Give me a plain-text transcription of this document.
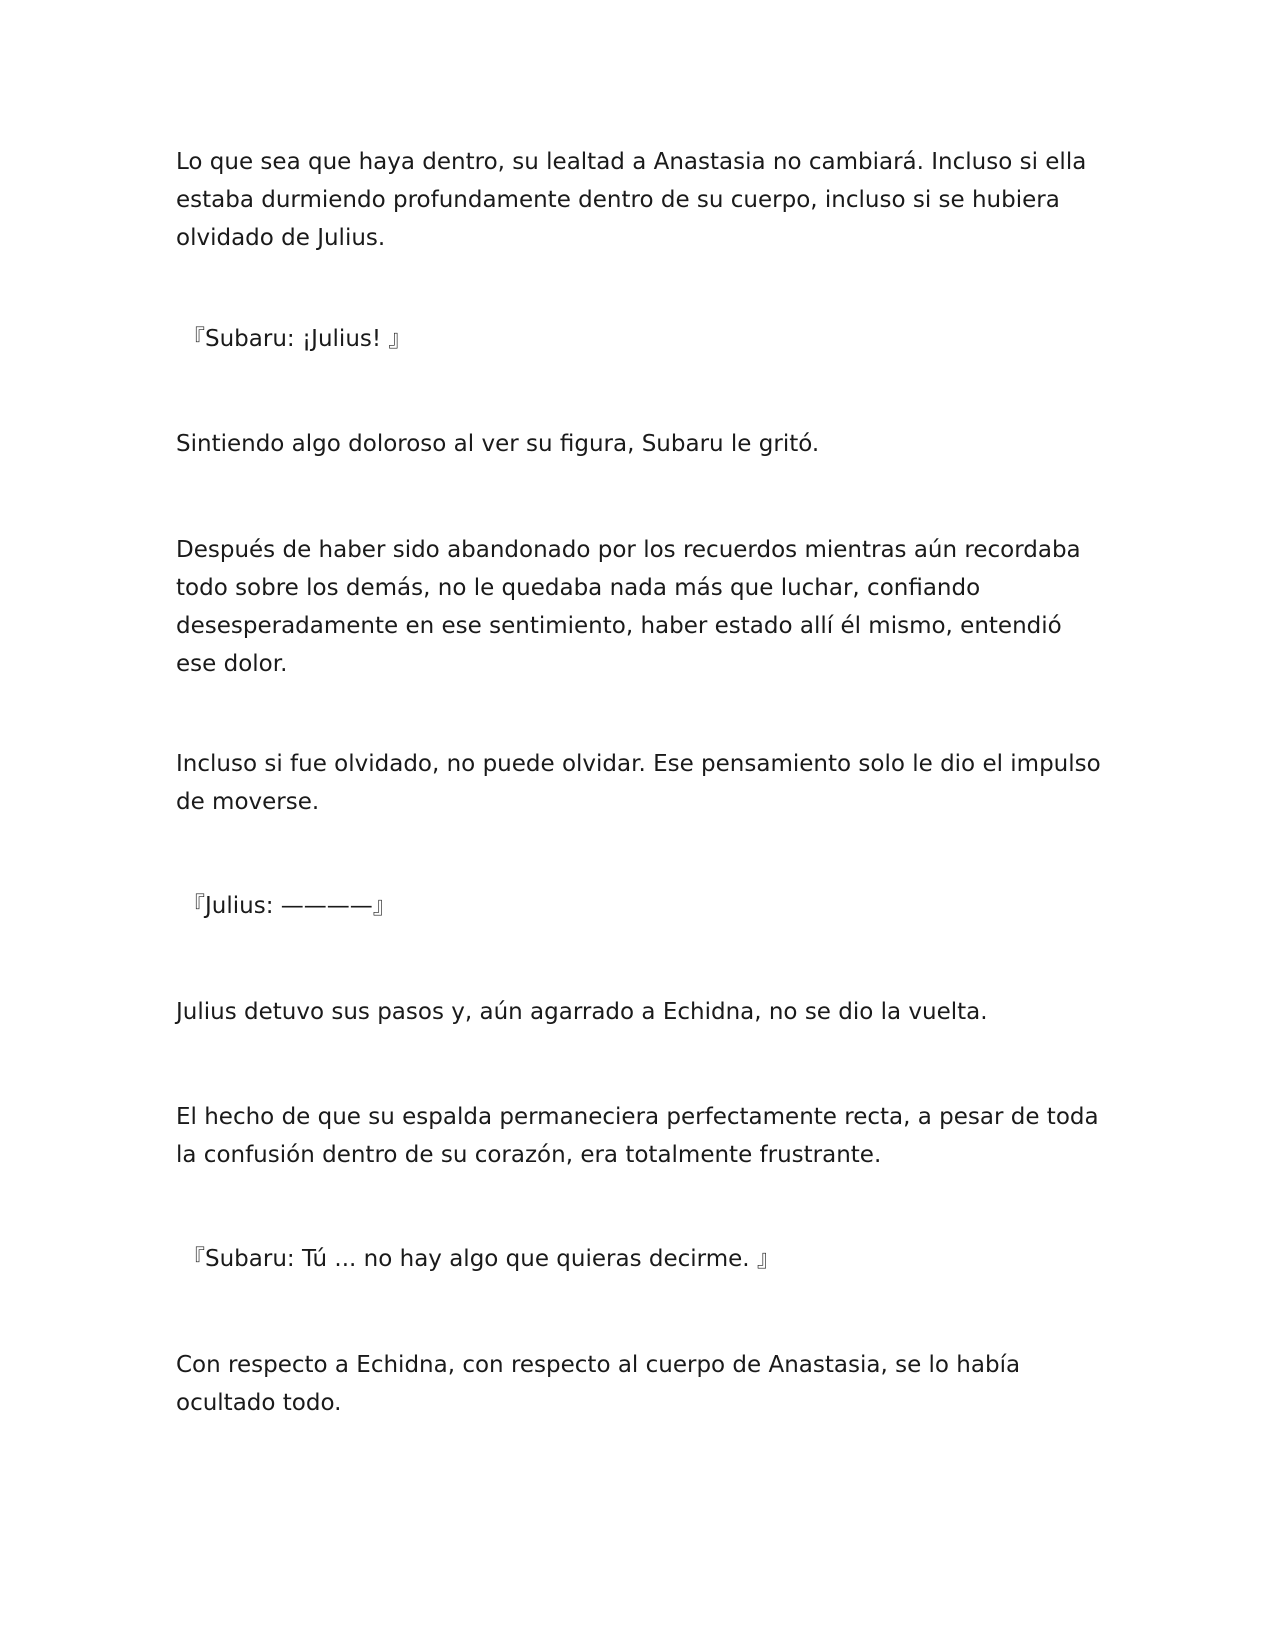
Lo que sea que haya dentro, su lealtad a Anastasia no cambiará. Incluso si ella estaba durmiendo profundamente dentro de su cuerpo, incluso si se hubiera olvidado de Julius.

『Subaru: ¡Julius! 』

Sintiendo algo doloroso al ver su figura, Subaru le gritó.

Después de haber sido abandonado por los recuerdos mientras aún recordaba todo sobre los demás, no le quedaba nada más que luchar, confiando desesperadamente en ese sentimiento, haber estado allí él mismo, entendió ese dolor.

Incluso si fue olvidado, no puede olvidar. Ese pensamiento solo le dio el impulso de moverse.

『Julius: ————』

Julius detuvo sus pasos y, aún agarrado a Echidna, no se dio la vuelta.

El hecho de que su espalda permaneciera perfectamente recta, a pesar de toda la confusión dentro de su corazón, era totalmente frustrante.

『Subaru: Tú ... no hay algo que quieras decirme. 』

Con respecto a Echidna, con respecto al cuerpo de Anastasia, se lo había ocultado todo.
